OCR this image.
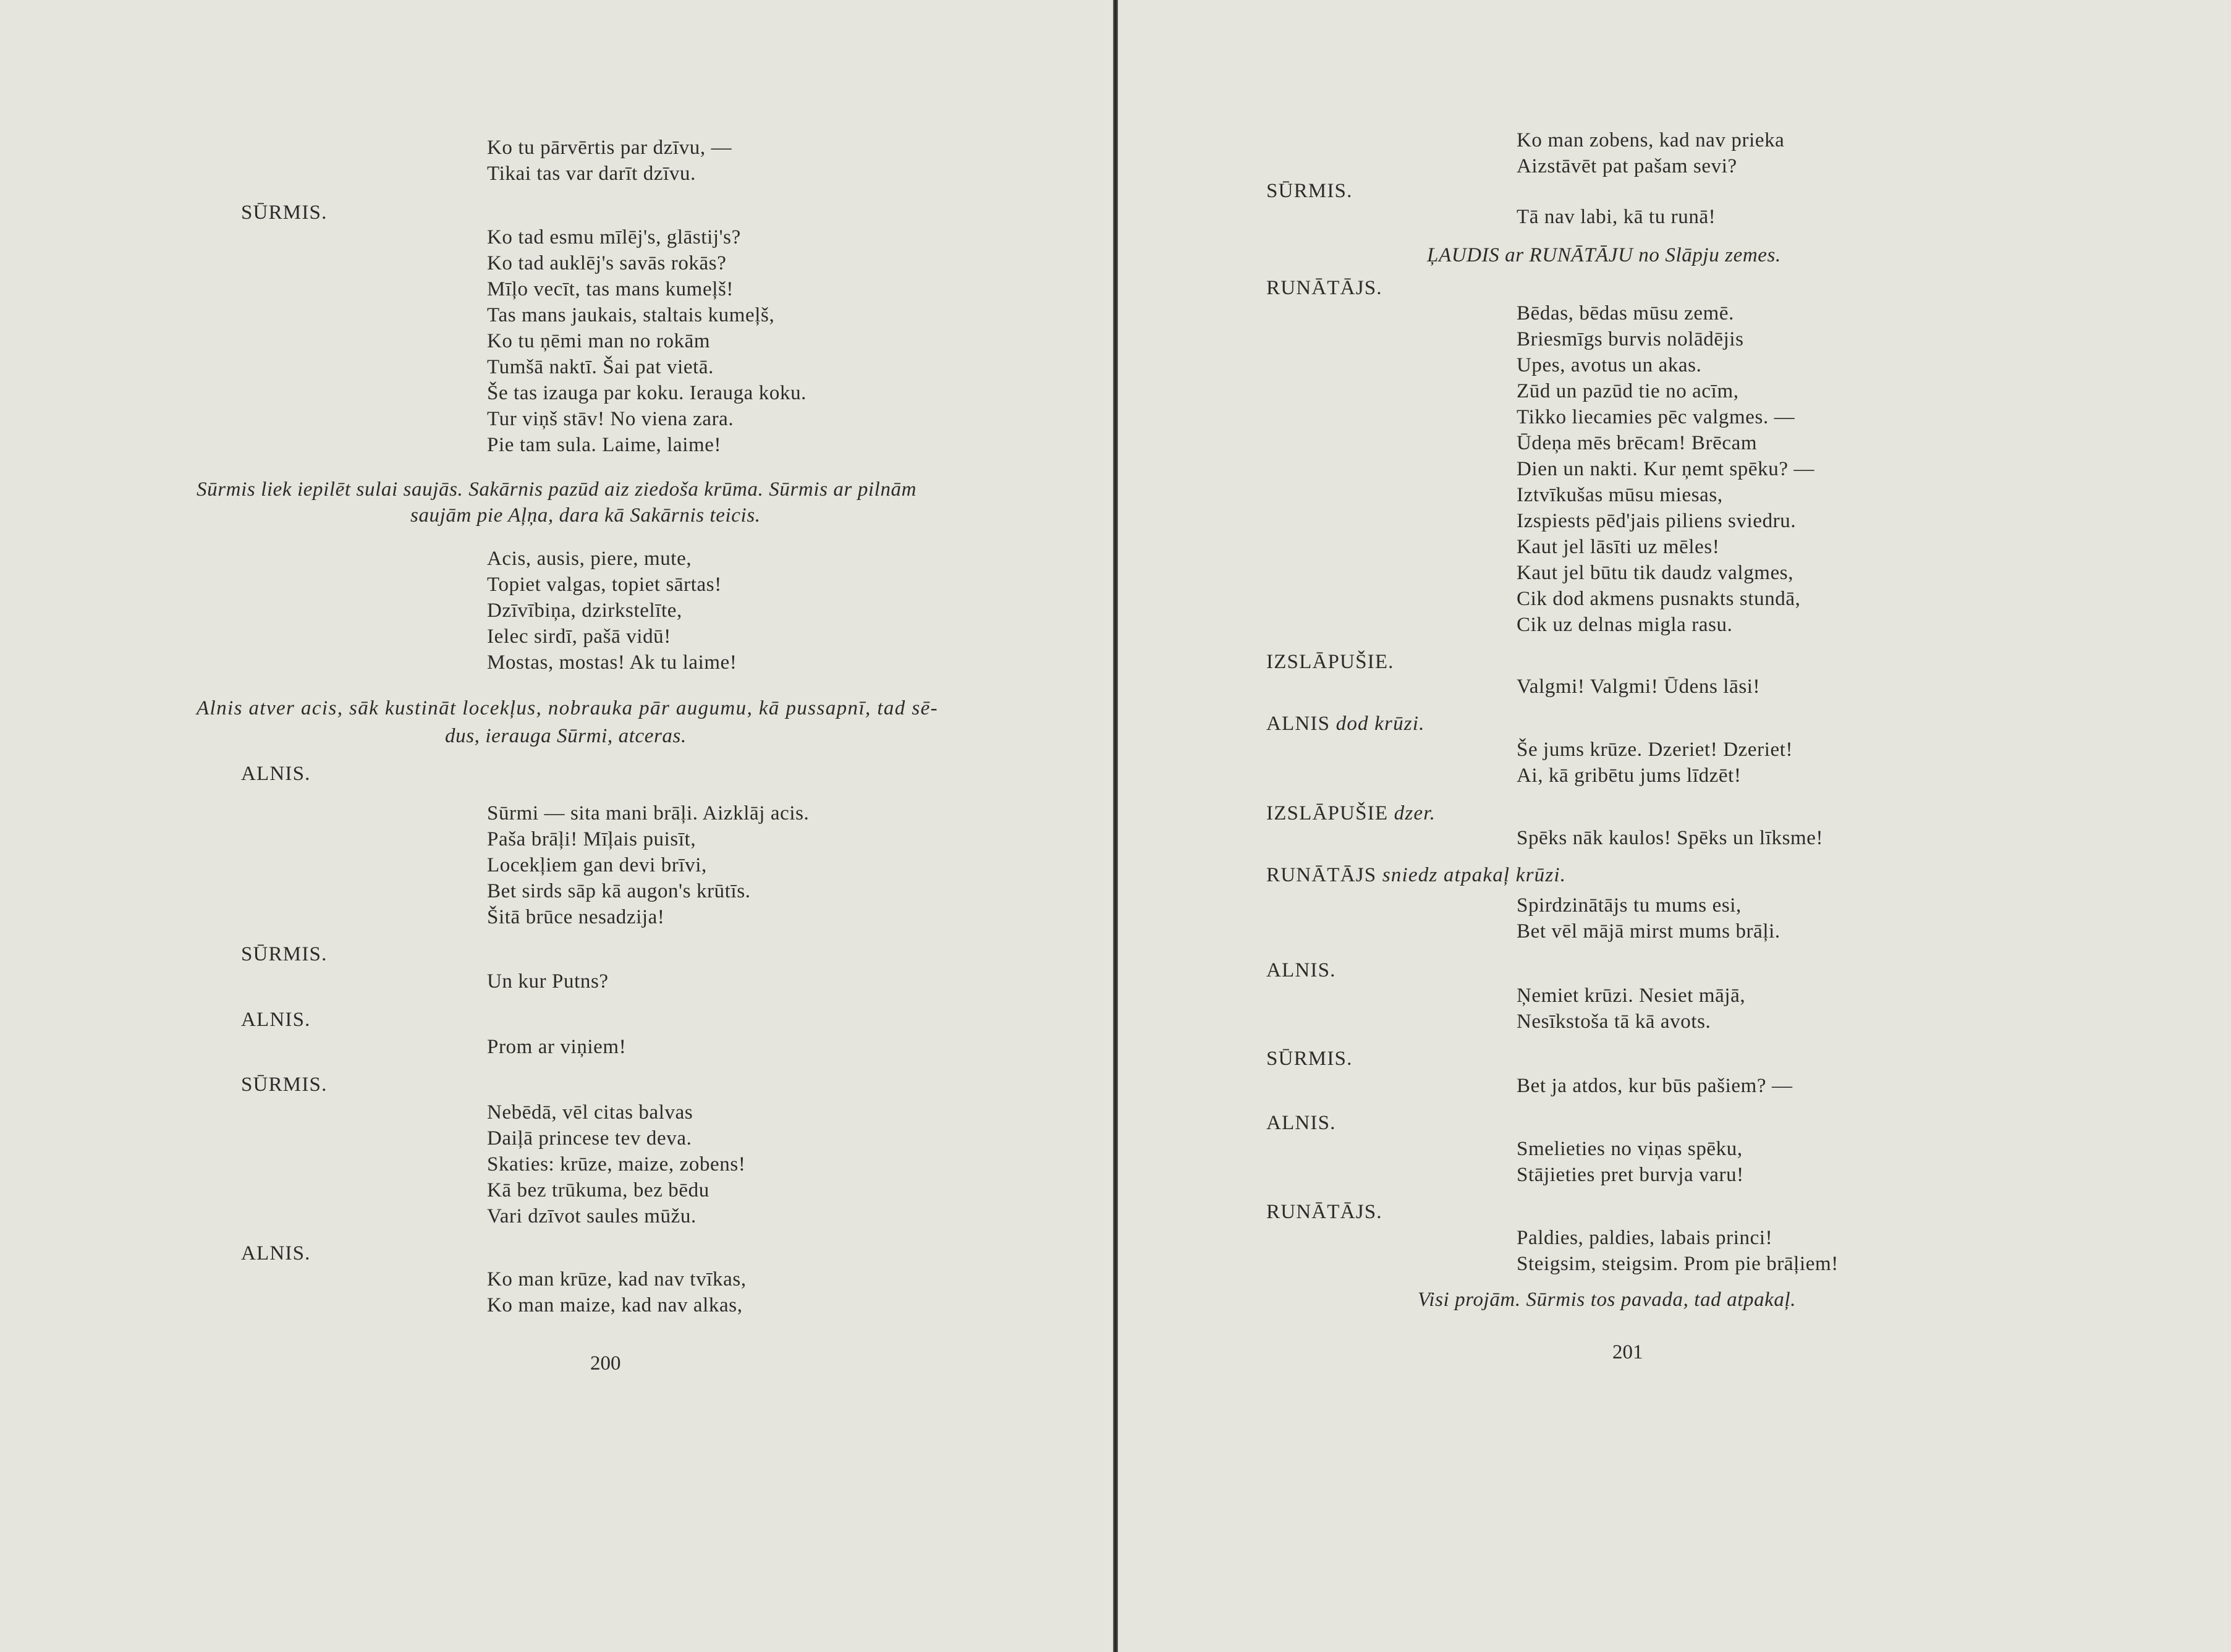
Ko tu pārvērtis par dzīvu, —
Tikai tas var darīt dzīvu.
SŪRMIS.
Ko tad esmu mīlēj's, glāstij's?
Ko tad auklēj's savās rokās?
Mīļo vecīt, tas mans kumeļš!
Tas mans jaukais, staltais kumeļš,
Ko tu ņēmi man no rokām
Tumšā naktī. Šai pat vietā.
Še tas izauga par koku. Ierauga koku.
Tur viņš stāv! No viena zara.
Pie tam sula. Laime, laime!
Sūrmis liek iepilēt sulai saujās. Sakārnis pazūd aiz ziedoša krūma. Sūrmis ar pilnām
saujām pie Aļņa, dara kā Sakārnis teicis.
Acis, ausis, piere, mute,
Topiet valgas, topiet sārtas!
Dzīvībiņa, dzirkstelīte,
Ielec sirdī, pašā vidū!
Mostas, mostas! Ak tu laime!
Alnis atver acis, sāk kustināt locekļus, nobrauka pār augumu, kā pussapnī, tad sē-
dus, ierauga Sūrmi, atceras.
ALNIS.
Sūrmi — sita mani brāļi. Aizklāj acis.
Paša brāļi! Mīļais puisīt,
Locekļiem gan devi brīvi,
Bet sirds sāp kā augon's krūtīs.
Šitā brūce nesadzija!
SŪRMIS.
Un kur Putns?
ALNIS.
Prom ar viņiem!
SŪRMIS.
Nebēdā, vēl citas balvas
Daiļā princese tev deva.
Skaties: krūze, maize, zobens!
Kā bez trūkuma, bez bēdu
Vari dzīvot saules mūžu.
ALNIS.
Ko man krūze, kad nav tvīkas,
Ko man maize, kad nav alkas,
200
Ko man zobens, kad nav prieka
Aizstāvēt pat pašam sevi?
SŪRMIS.
Tā nav labi, kā tu runā!
ĻAUDIS ar RUNĀTĀJU no Slāpju zemes.
RUNĀTĀJS.
Bēdas, bēdas mūsu zemē.
Briesmīgs burvis nolādējis
Upes, avotus un akas.
Zūd un pazūd tie no acīm,
Tikko liecamies pēc valgmes. —
Ūdeņa mēs brēcam! Brēcam
Dien un nakti. Kur ņemt spēku? —
Iztvīkušas mūsu miesas,
Izspiests pēd'jais piliens sviedru.
Kaut jel lāsīti uz mēles!
Kaut jel būtu tik daudz valgmes,
Cik dod akmens pusnakts stundā,
Cik uz delnas migla rasu.
IZSLĀPUŠIE.
Valgmi! Valgmi! Ūdens lāsi!
ALNIS dod krūzi.
Še jums krūze. Dzeriet! Dzeriet!
Ai, kā gribētu jums līdzēt!
IZSLĀPUŠIE dzer.
Spēks nāk kaulos! Spēks un līksme!
RUNĀTĀJS sniedz atpakaļ krūzi.
Spirdzinātājs tu mums esi,
Bet vēl mājā mirst mums brāļi.
ALNIS.
Ņemiet krūzi. Nesiet mājā,
Nesīkstoša tā kā avots.
SŪRMIS.
Bet ja atdos, kur būs pašiem? —
ALNIS.
Smelieties no viņas spēku,
Stājieties pret burvja varu!
RUNĀTĀJS.
Paldies, paldies, labais princi!
Steigsim, steigsim. Prom pie brāļiem!
Visi projām. Sūrmis tos pavada, tad atpakaļ.
201
